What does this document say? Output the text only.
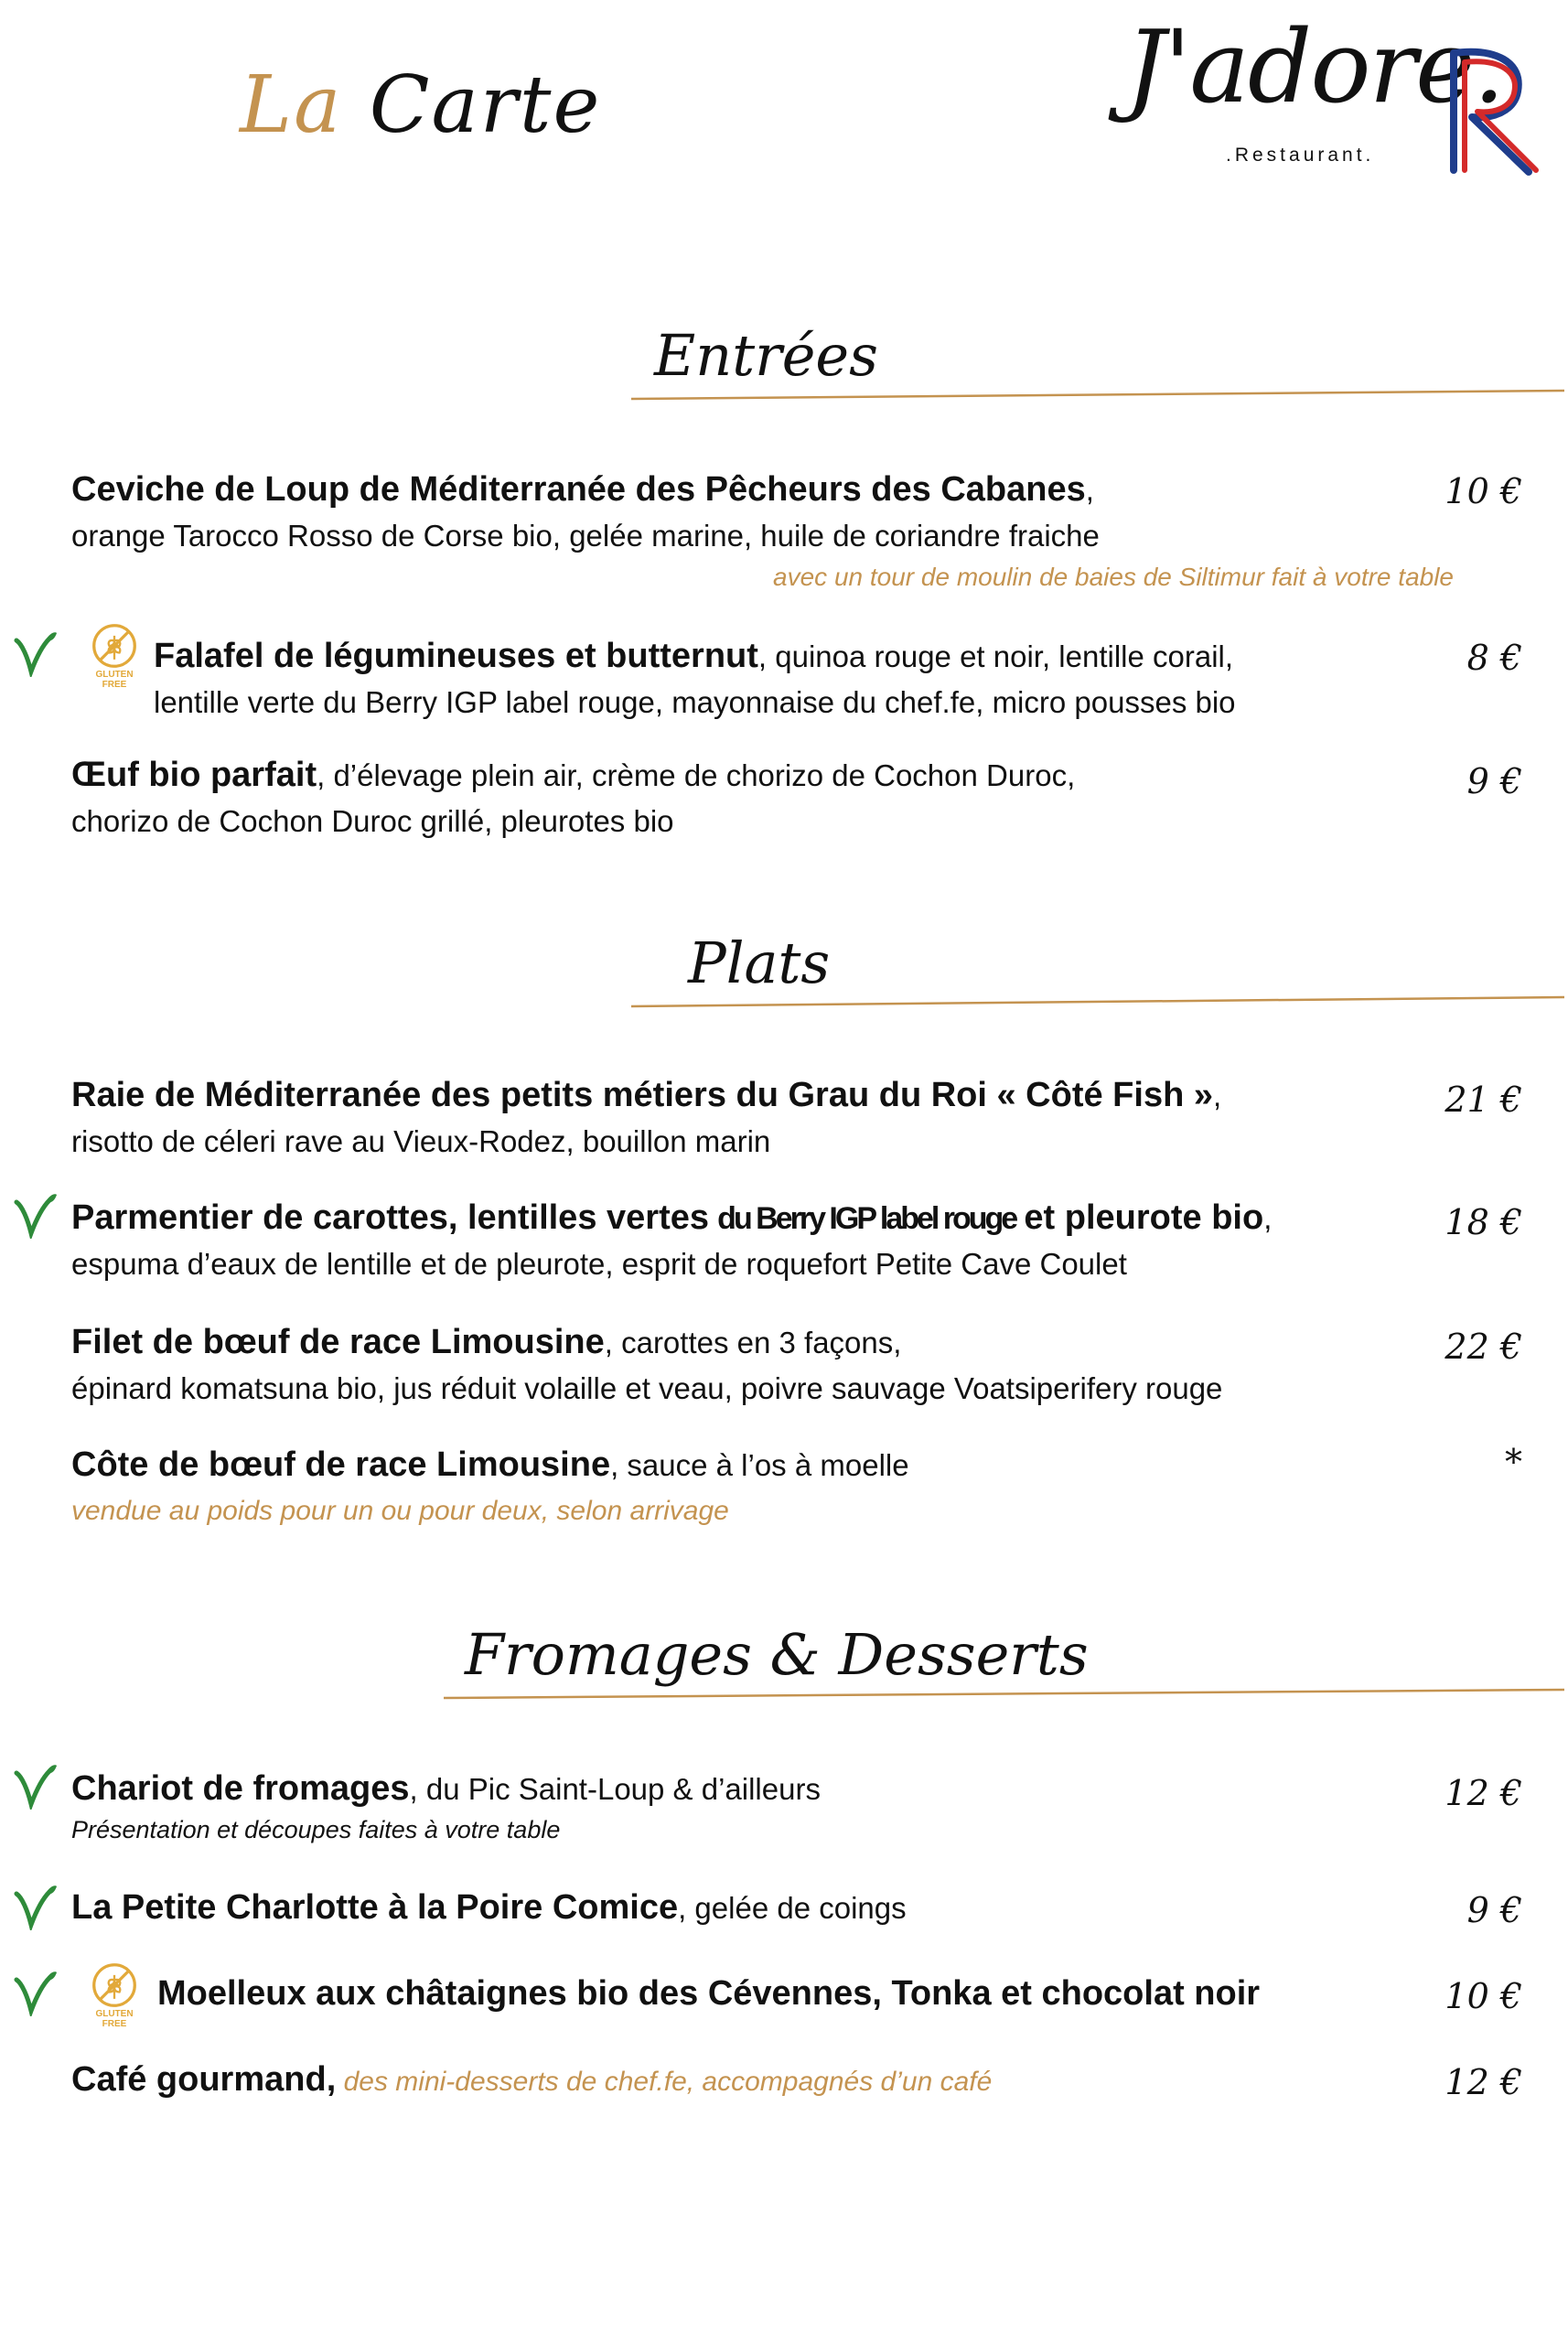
La Carte	J'adore.
.Restaurant.
Entrées

Ceviche de Loup de Méditerranée des Pêcheurs des Cabanes,

orange Tarocco Rosso de Corse bio, gelée marine, huile de coriandre fraiche

avec un tour de moulin de baies de Siltimur fait à votre table
10 €
GLUTEN
FREE

Falafel de légumineuses et butternut, quinoa rouge et noir, lentille corail,

lentille verte du Berry IGP label rouge, mayonnaise du chef.fe, micro pousses bio

8 €

Œuf bio parfait, d’élevage plein air, crème de chorizo de Cochon Duroc,

chorizo de Cochon Duroc grillé, pleurotes bio

9 €
Plats

Raie de Méditerranée des petits métiers du Grau du Roi « Côté Fish »,

risotto de céleri rave au Vieux-Rodez, bouillon marin

21 €

Parmentier de carottes, lentilles vertes du Berry IGP label rouge et pleurote bio,

espuma d’eaux de lentille et de pleurote, esprit de roquefort Petite Cave Coulet

18 €

Filet de bœuf de race Limousine, carottes en 3 façons,

épinard komatsuna bio, jus réduit volaille et veau, poivre sauvage Voatsiperifery rouge

22 €

Côte de bœuf de race Limousine, sauce à l’os à moelle

vendue au poids pour un ou pour deux, selon arrivage

*
Fromages & Desserts

Chariot de fromages, du Pic Saint-Loup & d’ailleurs

Présentation et découpes faites à votre table

12 €

La Petite Charlotte à la Poire Comice, gelée de coings	9 €
GLUTEN
FREE

Moelleux aux châtaignes bio des Cévennes, Tonka et chocolat noir	10 €

Café gourmand, des mini-desserts de chef.fe, accompagnés d’un café	12 €
